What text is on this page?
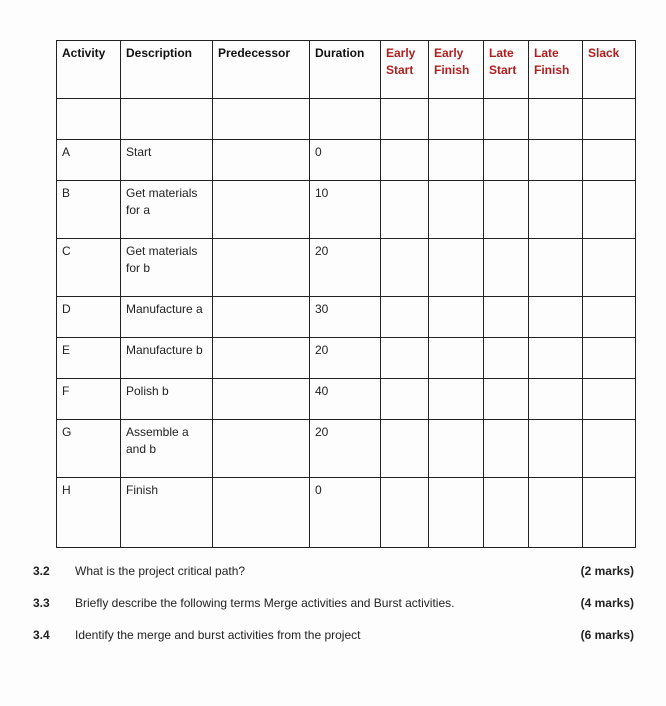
Activity	Description	Predecessor	Duration	Early Start	Early Finish	Late Start	Late Finish	Slack

A	Start		0					
B	Get materials for a		10					
C	Get materials for b		20					
D	Manufacture a		30					
E	Manufacture b		20					
F	Polish b		40					
G	Assemble a and b		20					
H	Finish		0					
3.2 What is the project critical path?	(2 marks)
3.3 Briefly describe the following terms Merge activities and Burst activities.	(4 marks)
3.4 Identify the merge and burst activities from the project	(6 marks)
